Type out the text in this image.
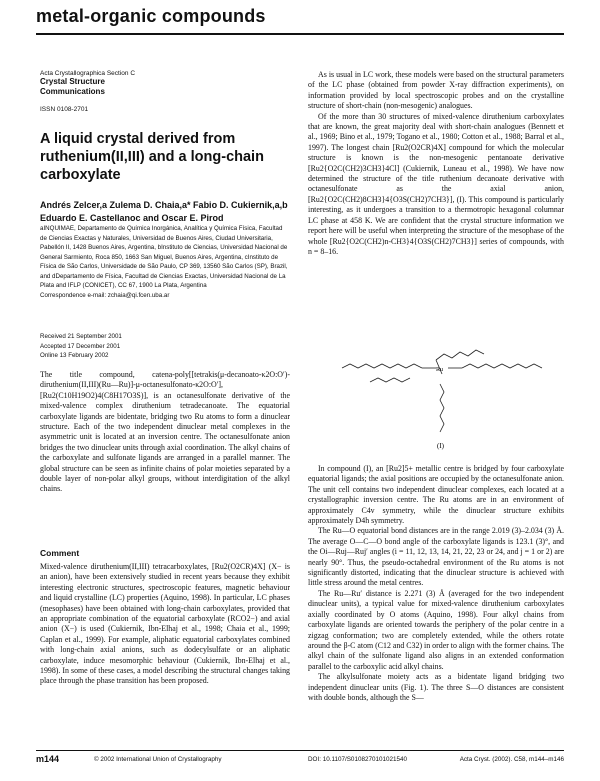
metal-organic compounds
Acta Crystallographica Section C
Crystal Structure
Communications
ISSN 0108-2701
A liquid crystal derived from ruthenium(II,III) and a long-chain carboxylate
Andrés Zelcer,a Zulema D. Chaia,a* Fabio D. Cukiernik,a,b Eduardo E. Castellanoc and Oscar E. Pirod

aINQUIMAE, Departamento de Química Inorgánica, Analítica y Química Física, Facultad de Ciencias Exactas y Naturales, Universidad de Buenos Aires, Ciudad Universitaria, Pabellón II, 1428 Buenos Aires, Argentina, bInstituto de Ciencias, Universidad Nacional de General Sarmiento, Roca 850, 1663 San Miguel, Buenos Aires, Argentina, cInstituto de Física de São Carlos, Universidade de São Paulo, CP 369, 13560 São Carlos (SP), Brazil, and dDepartamento de Física, Facultad de Ciencias Exactas, Universidad Nacional de La Plata and IFLP (CONICET), CC 67, 1900 La Plata, Argentina

Correspondence e-mail: zchaia@qi.fcen.uba.ar

Received 21 September 2001
Accepted 17 December 2001
Online 13 February 2002

The title compound, catena-poly[[tetrakis(μ-decanoato-κ2O:O′)-diruthenium(II,III)(Ru—Ru)]-μ-octanesulfonato-κ2O:O′], [Ru2(C10H19O2)4(C8H17O3S)], is an octanesulfonate derivative of the mixed-valence complex diruthenium tetradecanoate. The equatorial carboxylate ligands are bidentate, bridging two Ru atoms to form a dinuclear structure. Each of the two independent dinuclear metal complexes in the asymmetric unit is located at an inversion centre. The octanesulfonate anion bridges the two dinuclear units through axial coordination. The alkyl chains of the carboxylate and sulfonate ligands are arranged in a parallel manner. The global structure can be seen as infinite chains of polar moieties separated by a double layer of non-polar alkyl groups, without interdigitation of the alkyl chains.

Comment

Mixed-valence diruthenium(II,III) tetracarboxylates, [Ru2(O2CR)4X] (X− is an anion), have been extensively studied in recent years because they exhibit interesting electronic structures, spectroscopic features, magnetic behaviour and liquid crystalline (LC) properties (Aquino, 1998). In particular, LC phases (mesophases) have been obtained with long-chain carboxylates, provided that an appropriate combination of the equatorial carboxylate (RCO2−) and axial anion (X−) is used (Cukiernik, Ibn-Elhaj et al., 1998; Chaia et al., 1999; Caplan et al., 1999). For example, aliphatic equatorial carboxylates combined with long-chain axial anions, such as dodecylsulfate or an aliphatic carboxylate, induce mesomorphic behaviour (Cukiernik, Ibn-Elhaj et al., 1998). In some of these cases, a model describing the structural changes taking place through the phase transition has been proposed.

As is usual in LC work, these models were based on the structural parameters of the LC phase (obtained from powder X-ray diffraction experiments), on information provided by local spectroscopic probes and on the crystalline structure of short-chain (non-mesogenic) analogues.

Of the more than 30 structures of mixed-valence diruthenium carboxylates that are known, the great majority deal with short-chain analogues (Bennett et al., 1969; Bino et al., 1979; Togano et al., 1980; Cotton et al., 1988; Barral et al., 1997). The longest chain [Ru2(O2CR)4X] compound for which the molecular structure is known is the non-mesogenic pentanoate derivative [Ru2{O2C(CH2)3CH3}4Cl] (Cukiernik, Luneau et al., 1998). We have now determined the structure of the title ruthenium decanoate derivative with octanesulfonate as the axial anion, [Ru2{O2C(CH2)8CH3}4{O3S(CH2)7CH3}], (I). This compound is particularly interesting, as it undergoes a transition to a thermotropic hexagonal columnar LC phase at 458 K. We are confident that the crystal structure information we report here will be useful when interpreting the structure of the mesophase of the whole [Ru2{O2C(CH2)n-CH3}4{O3S(CH2)7CH3}] series of compounds, with n = 8–16.

Ru
(I)

In compound (I), an [Ru2]5+ metallic centre is bridged by four carboxylate equatorial ligands; the axial positions are occupied by the octanesulfonate anion. The unit cell contains two independent dinuclear complexes, each located at a crystallographic inversion centre. The Ru atoms are in an environment of approximately C4v symmetry, while the dinuclear structure exhibits approximately D4h symmetry.

The Ru—O equatorial bond distances are in the range 2.019 (3)–2.034 (3) Å. The average O—C—O bond angle of the carboxylate ligands is 123.1 (3)°, and the Oi—Ruj—Ruj′ angles (i = 11, 12, 13, 14, 21, 22, 23 or 24, and j = 1 or 2) are nearly 90°. Thus, the pseudo-octahedral environment of the Ru atoms is not significantly distorted, indicating that the dinuclear structure is achieved with little stress around the metal centres.

The Ru—Ru′ distance is 2.271 (3) Å (averaged for the two independent dinuclear units), a typical value for mixed-valence diruthenium carboxylates axially coordinated by O atoms (Aquino, 1998). Four alkyl chains from carboxylate ligands are oriented towards the periphery of the polar centre in a zigzag conformation; two are completely extended, while the others rotate around the β-C atom (C12 and C32) in order to align with the former chains. The alkyl chain of the sulfonate ligand also aligns in an extended conformation parallel to the carboxylic acid alkyl chains.

The alkylsulfonate moiety acts as a bidentate ligand bridging two independent dinuclear units (Fig. 1). The three S—O distances are consistent with double bonds, although the S—

m144	© 2002 International Union of Crystallography	DOI: 10.1107/S0108270101021540	Acta Cryst. (2002). C58, m144–m146
